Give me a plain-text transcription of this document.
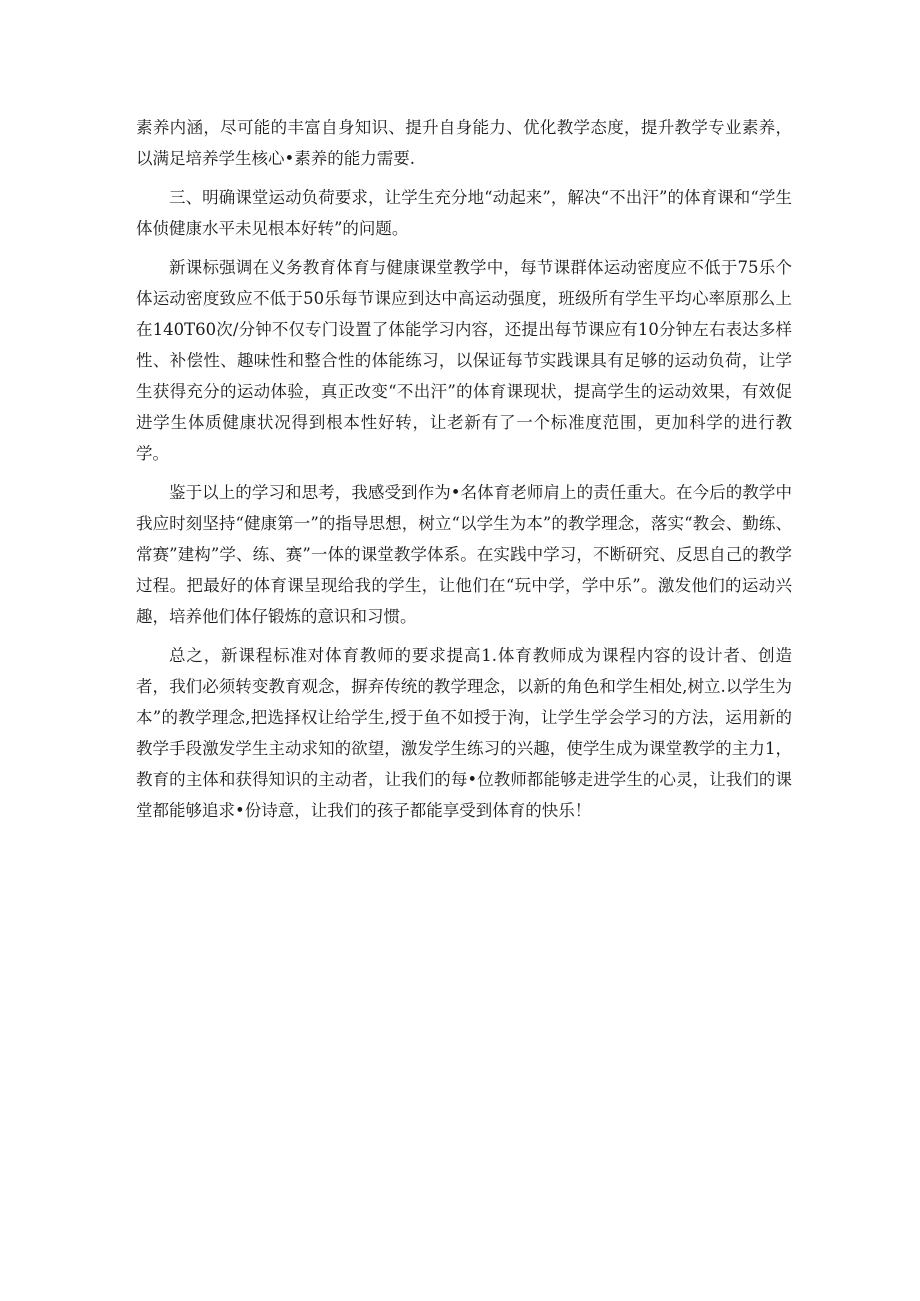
素养内涵，尽可能的丰富自身知识、提升自身能力、优化教学态度，提升教学专业素养，以满足培养学生核心•素养的能力需要.

三、明确课堂运动负荷要求，让学生充分地“动起来”，解决“不出汗”的体育课和“学生体侦健康水平未见根本好转”的问题。

新课标强调在义务教育体育与健康课堂教学中，每节课群体运动密度应不低于75乐个体运动密度致应不低于50乐每节课应到达中高运动强度，班级所有学生平均心率原那么上在140T60次/分钟不仅专门设置了体能学习内容，还提出每节课应有10分钟左右表达多样性、补偿性、趣味性和整合性的体能练习，以保证每节实践课具有足够的运动负荷，让学生获得充分的运动体验，真正改变“不出汗”的体育课现状，提高学生的运动效果，有效促进学生体质健康状况得到根本性好转，让老新有了一个标准度范围，更加科学的进行教学。

鉴于以上的学习和思考，我感受到作为•名体育老师肩上的责任重大。在今后的教学中我应时刻坚持“健康第一”的指导思想，树立“以学生为本”的教学理念，落实“教会、勤练、常赛”建构”学、练、赛”一体的课堂教学体系。在实践中学习，不断研究、反思自己的教学过程。把最好的体育课呈现给我的学生，让他们在“玩中学，学中乐”。激发他们的运动兴趣，培养他们体仔锻炼的意识和习惯。

总之，新课程标准对体育教师的要求提高1.体育教师成为课程内容的设计者、创造者，我们必须转变教育观念，摒弃传统的教学理念，以新的角色和学生相处,树立.以学生为本”的教学理念,把选择权让给学生,授于鱼不如授于洵，让学生学会学习的方法，运用新的教学手段激发学生主动求知的欲望，激发学生练习的兴趣，使学生成为课堂教学的主力1，教育的主体和获得知识的主动者，让我们的每•位教师都能够走进学生的心灵，让我们的课堂都能够追求•份诗意，让我们的孩子都能享受到体育的快乐！
